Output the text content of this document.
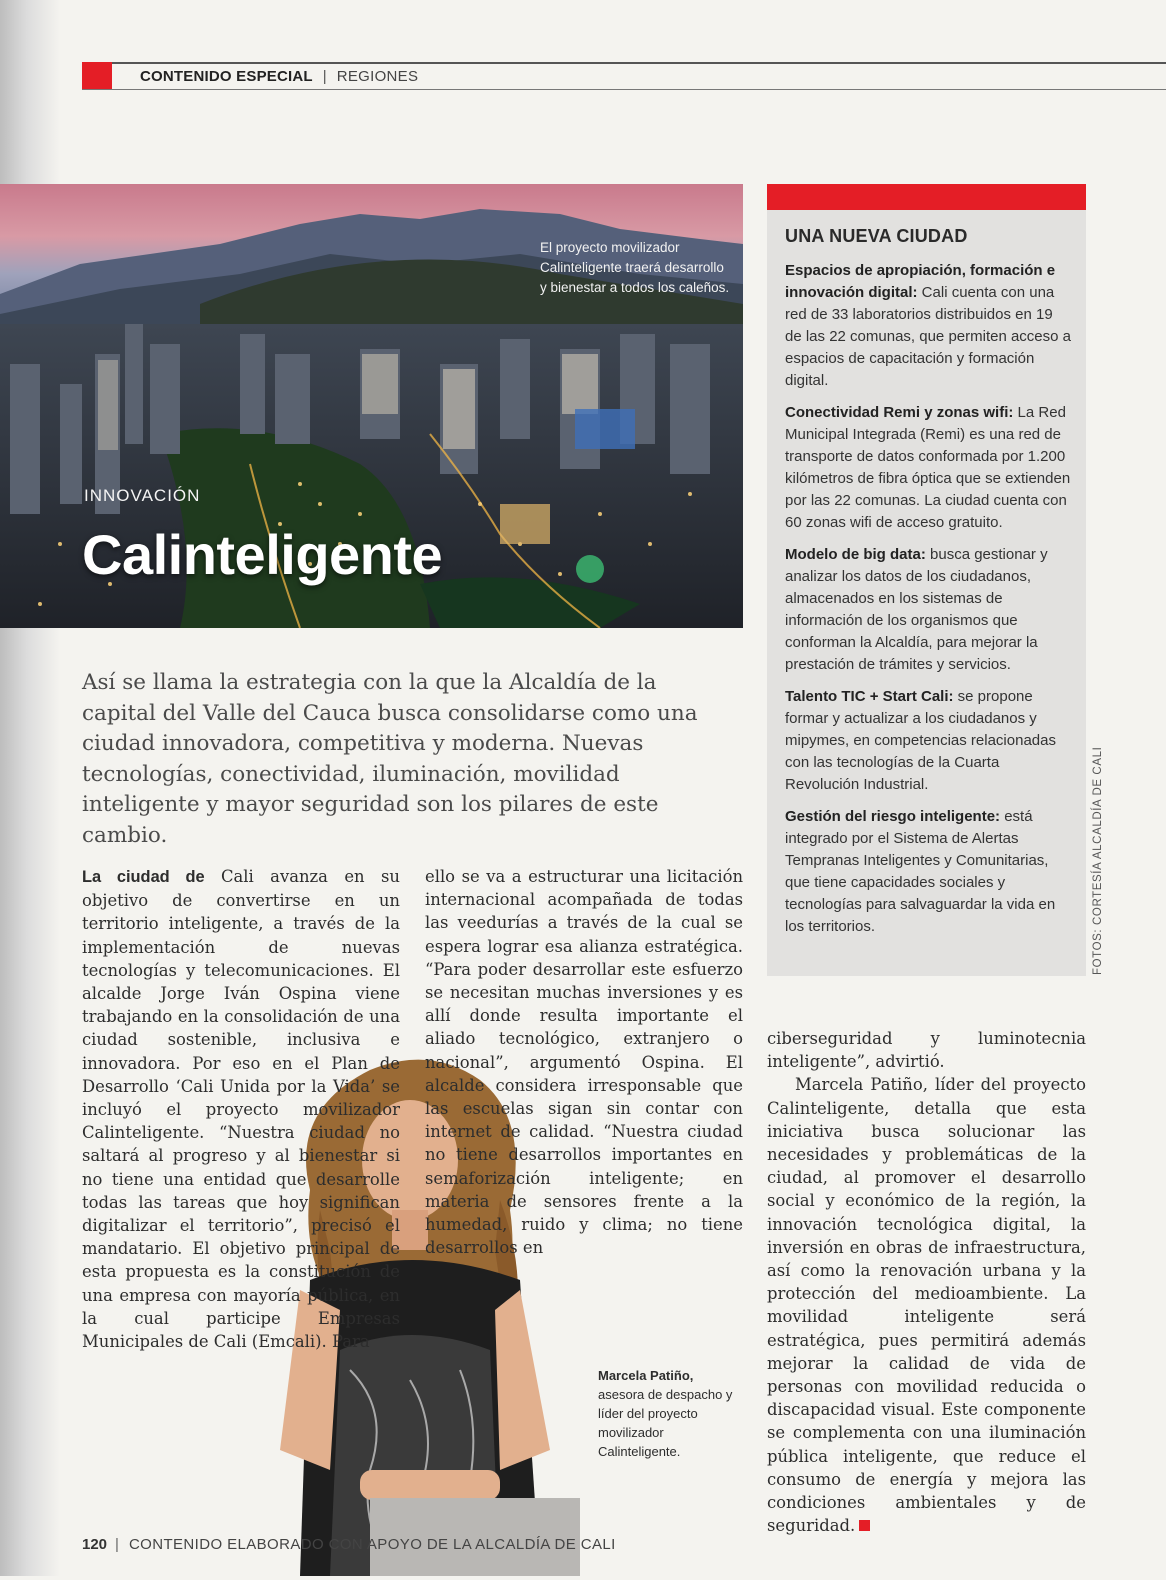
CONTENIDO ESPECIAL | REGIONES
El proyecto movilizador Calinteligente traerá desarrollo y bienestar a todos los caleños.
INNOVACIÓN
Calinteligente
Así se llama la estrategia con la que la Alcaldía de la capital del Valle del Cauca busca consolidarse como una ciudad innovadora, competitiva y moderna. Nuevas tecnologías, conectividad, iluminación, movilidad inteligente y mayor seguridad son los pilares de este cambio.
UNA NUEVA CIUDAD

Espacios de apropiación, formación e innovación digital: Cali cuenta con una red de 33 laboratorios distribuidos en 19 de las 22 comunas, que permiten acceso a espacios de capacitación y formación digital.

Conectividad Remi y zonas wifi: La Red Municipal Integrada (Remi) es una red de transporte de datos conformada por 1.200 kilómetros de fibra óptica que se extienden por las 22 comunas. La ciudad cuenta con 60 zonas wifi de acceso gratuito.

Modelo de big data: busca gestionar y analizar los datos de los ciudadanos, almacenados en los sistemas de información de los organismos que conforman la Alcaldía, para mejorar la prestación de trámites y servicios.

Talento TIC + Start Cali: se propone formar y actualizar a los ciudadanos y mipymes, en competencias relacionadas con las tecnologías de la Cuarta Revolución Industrial.

Gestión del riesgo inteligente: está integrado por el Sistema de Alertas Tempranas Inteligentes y Comunitarias, que tiene capacidades sociales y tecnologías para salvaguardar la vida en los territorios.	FOTOS: CORTESÍA ALCALDÍA DE CALI

La ciudad de Cali avanza en su objetivo de convertirse en un territorio inteligente, a través de la implementación de nuevas tecnologías y telecomunicaciones. El alcalde Jorge Iván Ospina viene trabajando en la consolidación de una ciudad sostenible, inclusiva e innovadora. Por eso en el Plan de Desarrollo ‘Cali Unida por la Vida’ se incluyó el proyecto movilizador Calinteligente. “Nuestra ciudad no saltará al progreso y al bienestar si no tiene una entidad que desarrolle todas las tareas que hoy significan digitalizar el territorio”, precisó el mandatario. El objetivo principal de esta propuesta es la constitución de una empresa con mayoría pública, en la cual participe Empresas Municipales de Cali (Emcali). Para

ello se va a estructurar una licitación internacional acompañada de todas las veedurías a través de la cual se espera lograr esa alianza estratégica. “Para poder desarrollar este esfuerzo se necesitan muchas inversiones y es allí donde resulta importante el aliado tecnológico, extranjero o nacional”, argumentó Ospina. El alcalde considera irresponsable que las escuelas sigan sin contar con internet de calidad. “Nuestra ciudad no tiene desarrollos importantes en semaforización inteligente; en materia de sensores frente a la humedad, ruido y clima; no tiene desarrollos en

ciberseguridad y luminotecnia inteligente”, advirtió.

Marcela Patiño, líder del proyecto Calinteligente, detalla que esta iniciativa busca solucionar las necesidades y problemáticas de la ciudad, al promover el desarrollo social y económico de la región, la innovación tecnológica digital, la inversión en obras de infraestructura, así como la renovación urbana y la protección del medioambiente. La movilidad inteligente será estratégica, pues permitirá además mejorar la calidad de vida de personas con movilidad reducida o discapacidad visual. Este componente se complementa con una iluminación pública inteligente, que reduce el consumo de energía y mejora las condiciones ambientales y de seguridad.

Marcela Patiño, asesora de despacho y líder del proyecto movilizador Calinteligente.
120 | CONTENIDO ELABORADO CON APOYO DE LA ALCALDÍA DE CALI
